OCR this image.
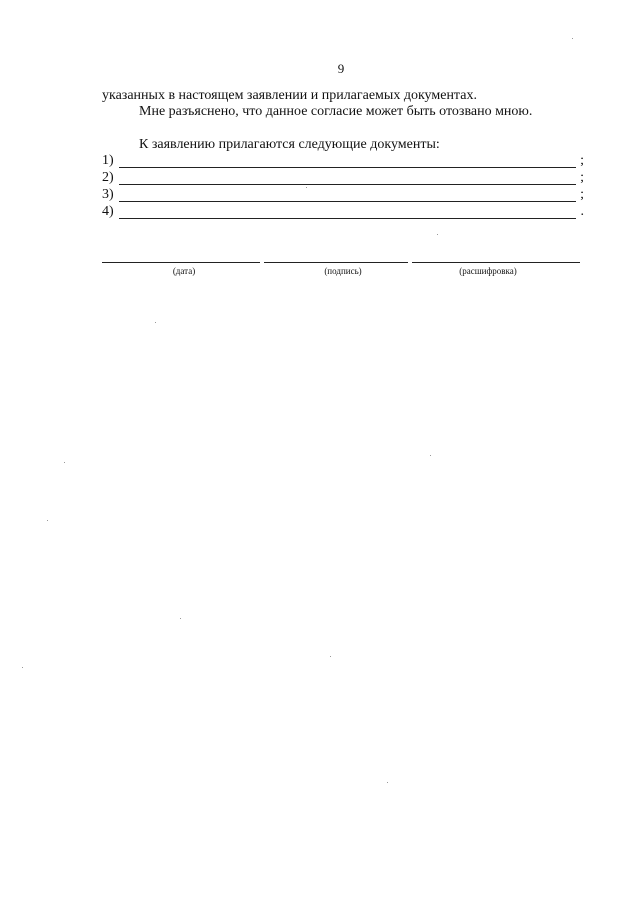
9
указанных в настоящем заявлении и прилагаемых документах.
Мне разъяснено, что данное согласие может быть отозвано мною.
К заявлению прилагаются следующие документы:
1)	;
2)	;
3)	;
4)	.
(дата)	(подпись)	(расшифровка)
